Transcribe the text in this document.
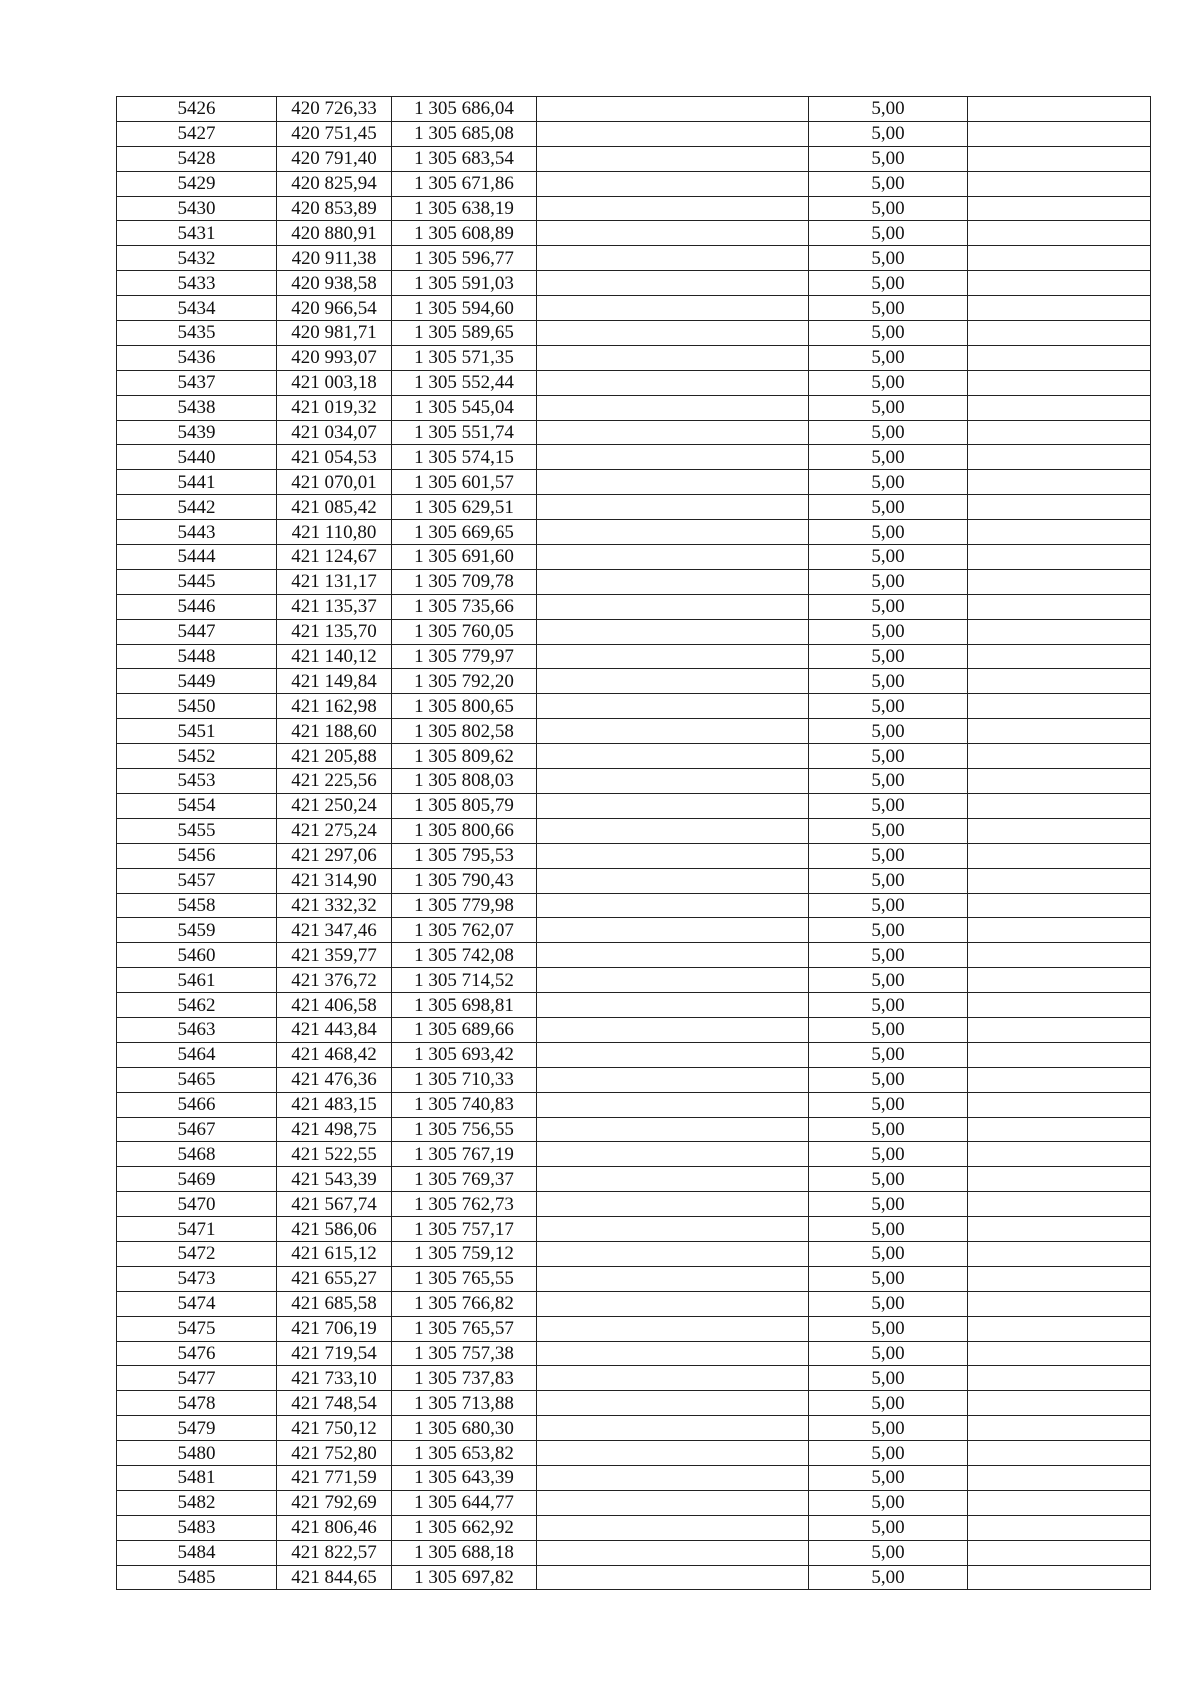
5426	420 726,33	1 305 686,04		5,00	
5427	420 751,45	1 305 685,08		5,00	
5428	420 791,40	1 305 683,54		5,00	
5429	420 825,94	1 305 671,86		5,00	
5430	420 853,89	1 305 638,19		5,00	
5431	420 880,91	1 305 608,89		5,00	
5432	420 911,38	1 305 596,77		5,00	
5433	420 938,58	1 305 591,03		5,00	
5434	420 966,54	1 305 594,60		5,00	
5435	420 981,71	1 305 589,65		5,00	
5436	420 993,07	1 305 571,35		5,00	
5437	421 003,18	1 305 552,44		5,00	
5438	421 019,32	1 305 545,04		5,00	
5439	421 034,07	1 305 551,74		5,00	
5440	421 054,53	1 305 574,15		5,00	
5441	421 070,01	1 305 601,57		5,00	
5442	421 085,42	1 305 629,51		5,00	
5443	421 110,80	1 305 669,65		5,00	
5444	421 124,67	1 305 691,60		5,00	
5445	421 131,17	1 305 709,78		5,00	
5446	421 135,37	1 305 735,66		5,00	
5447	421 135,70	1 305 760,05		5,00	
5448	421 140,12	1 305 779,97		5,00	
5449	421 149,84	1 305 792,20		5,00	
5450	421 162,98	1 305 800,65		5,00	
5451	421 188,60	1 305 802,58		5,00	
5452	421 205,88	1 305 809,62		5,00	
5453	421 225,56	1 305 808,03		5,00	
5454	421 250,24	1 305 805,79		5,00	
5455	421 275,24	1 305 800,66		5,00	
5456	421 297,06	1 305 795,53		5,00	
5457	421 314,90	1 305 790,43		5,00	
5458	421 332,32	1 305 779,98		5,00	
5459	421 347,46	1 305 762,07		5,00	
5460	421 359,77	1 305 742,08		5,00	
5461	421 376,72	1 305 714,52		5,00	
5462	421 406,58	1 305 698,81		5,00	
5463	421 443,84	1 305 689,66		5,00	
5464	421 468,42	1 305 693,42		5,00	
5465	421 476,36	1 305 710,33		5,00	
5466	421 483,15	1 305 740,83		5,00	
5467	421 498,75	1 305 756,55		5,00	
5468	421 522,55	1 305 767,19		5,00	
5469	421 543,39	1 305 769,37		5,00	
5470	421 567,74	1 305 762,73		5,00	
5471	421 586,06	1 305 757,17		5,00	
5472	421 615,12	1 305 759,12		5,00	
5473	421 655,27	1 305 765,55		5,00	
5474	421 685,58	1 305 766,82		5,00	
5475	421 706,19	1 305 765,57		5,00	
5476	421 719,54	1 305 757,38		5,00	
5477	421 733,10	1 305 737,83		5,00	
5478	421 748,54	1 305 713,88		5,00	
5479	421 750,12	1 305 680,30		5,00	
5480	421 752,80	1 305 653,82		5,00	
5481	421 771,59	1 305 643,39		5,00	
5482	421 792,69	1 305 644,77		5,00	
5483	421 806,46	1 305 662,92		5,00	
5484	421 822,57	1 305 688,18		5,00	
5485	421 844,65	1 305 697,82		5,00	
